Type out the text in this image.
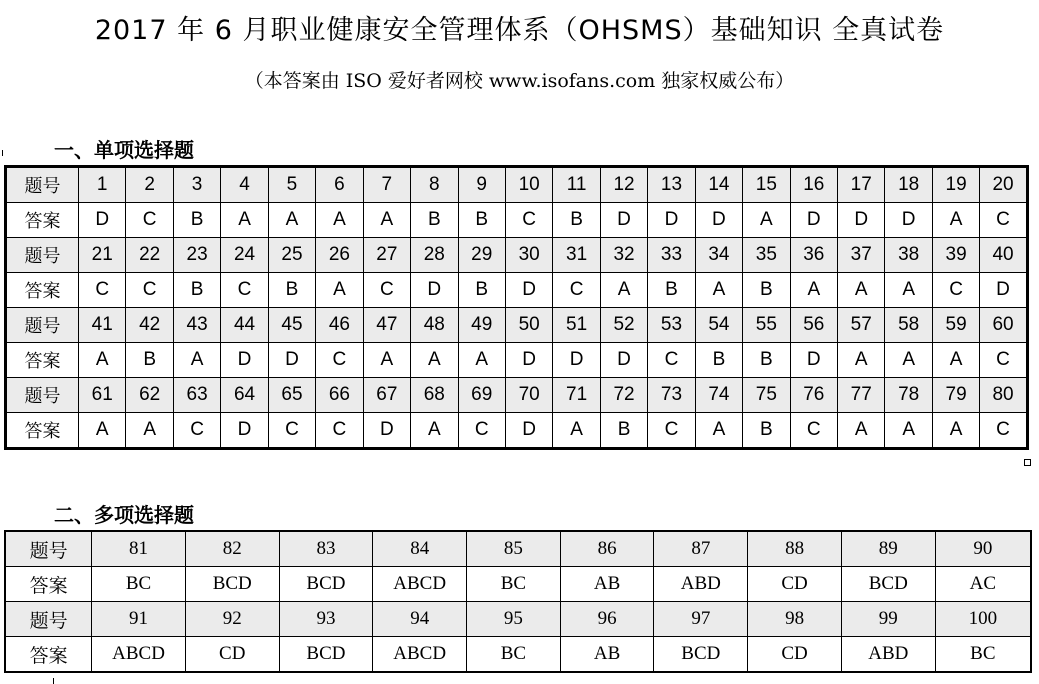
2017 年 6 月职业健康安全管理体系（OHSMS）基础知识 全真试卷
（本答案由 ISO 爱好者网校 www.isofans.com 独家权威公布）
一、单项选择题
题号	1	2	3	4	5	6	7	8	9	10	11	12	13	14	15	16	17	18	19	20
答案	D	C	B	A	A	A	A	B	B	C	B	D	D	D	A	D	D	D	A	C
题号	21	22	23	24	25	26	27	28	29	30	31	32	33	34	35	36	37	38	39	40
答案	C	C	B	C	B	A	C	D	B	D	C	A	B	A	B	A	A	A	C	D
题号	41	42	43	44	45	46	47	48	49	50	51	52	53	54	55	56	57	58	59	60
答案	A	B	A	D	D	C	A	A	A	D	D	D	C	B	B	D	A	A	A	C
题号	61	62	63	64	65	66	67	68	69	70	71	72	73	74	75	76	77	78	79	80
答案	A	A	C	D	C	C	D	A	C	D	A	B	C	A	B	C	A	A	A	C
二、多项选择题
题号	81	82	83	84	85	86	87	88	89	90
答案	BC	BCD	BCD	ABCD	BC	AB	ABD	CD	BCD	AC
题号	91	92	93	94	95	96	97	98	99	100
答案	ABCD	CD	BCD	ABCD	BC	AB	BCD	CD	ABD	BC
